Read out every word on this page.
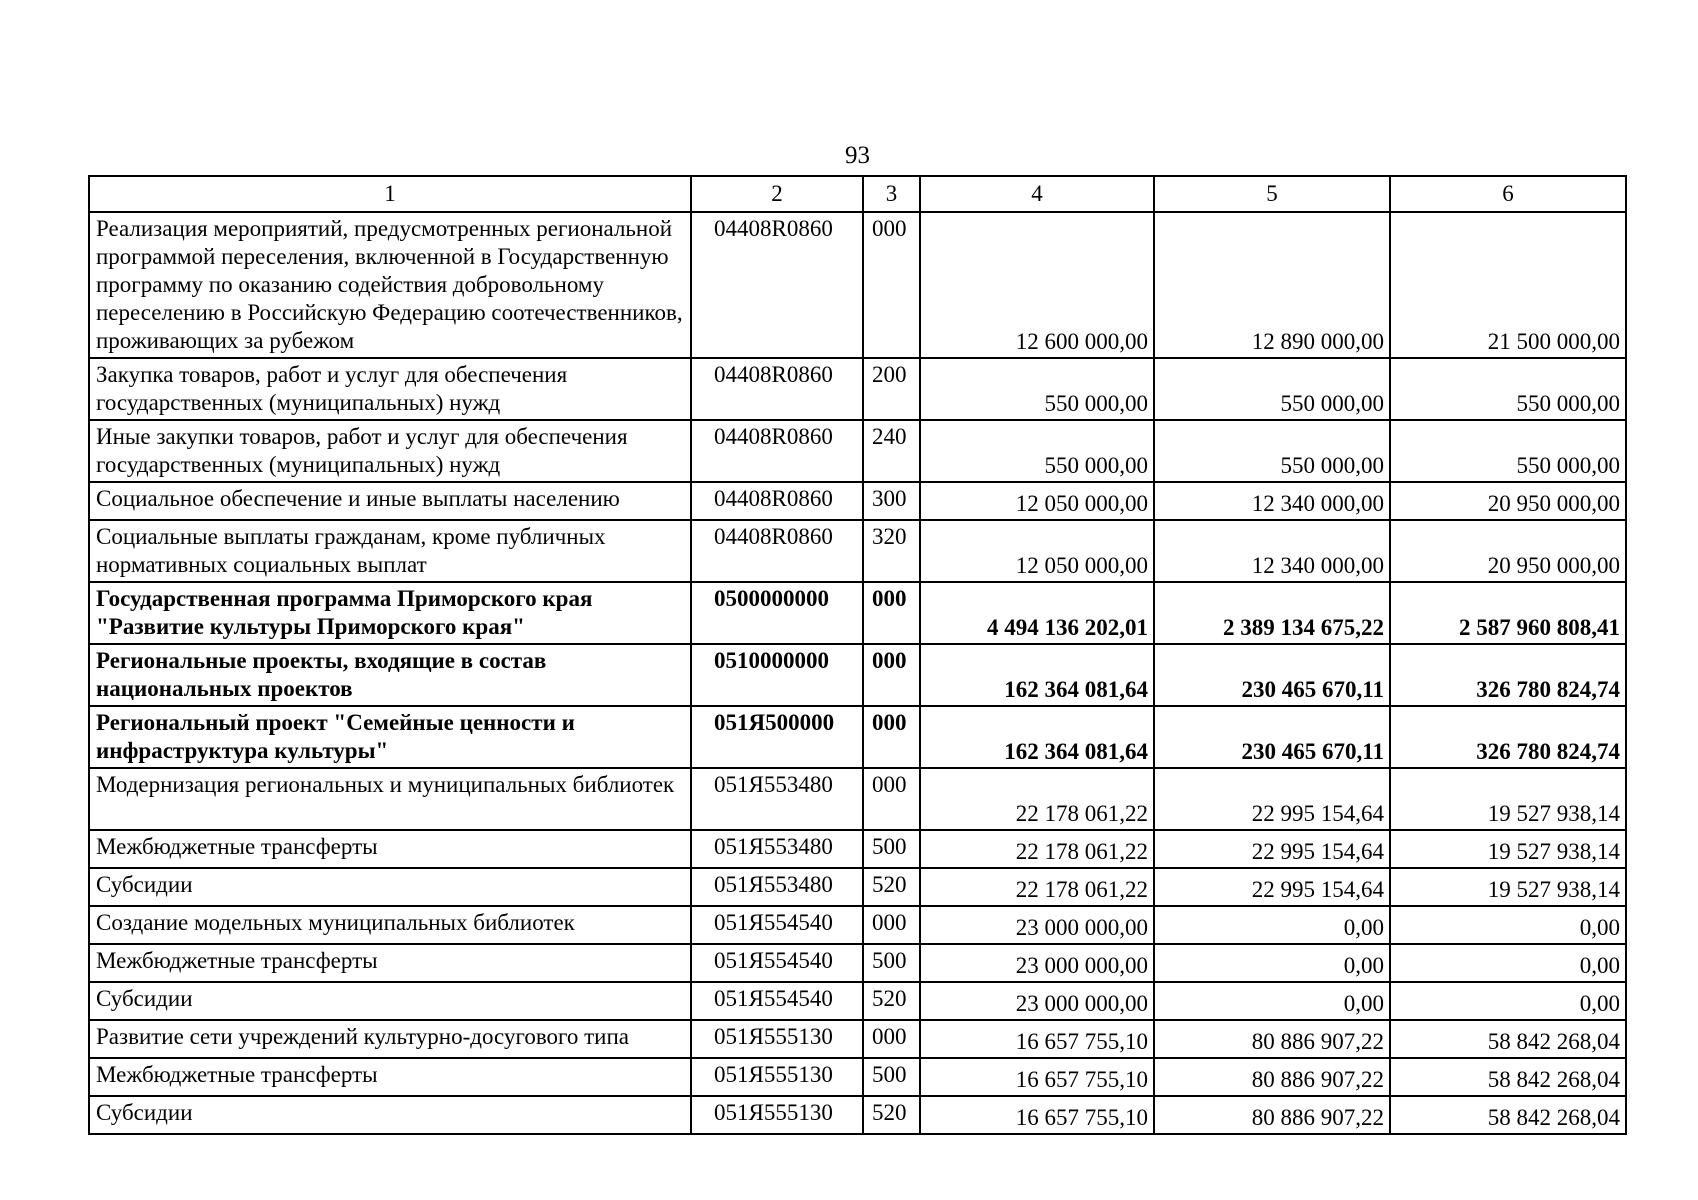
93
1	2	3	4	5	6
Реализация мероприятий, предусмотренных региональной программой переселения, включенной в Государственную программу по оказанию содействия добровольному переселению в Российскую Федерацию соотечественников, проживающих за рубежом	04408R0860	000	12 600 000,00	12 890 000,00	21 500 000,00
Закупка товаров, работ и услуг для обеспечения государственных (муниципальных) нужд	04408R0860	200	550 000,00	550 000,00	550 000,00
Иные закупки товаров, работ и услуг для обеспечения государственных (муниципальных) нужд	04408R0860	240	550 000,00	550 000,00	550 000,00
Социальное обеспечение и иные выплаты населению	04408R0860	300	12 050 000,00	12 340 000,00	20 950 000,00
Социальные выплаты гражданам, кроме публичных нормативных социальных выплат	04408R0860	320	12 050 000,00	12 340 000,00	20 950 000,00
Государственная программа Приморского края "Развитие культуры Приморского края"	0500000000	000	4 494 136 202,01	2 389 134 675,22	2 587 960 808,41
Региональные проекты, входящие в состав национальных проектов	0510000000	000	162 364 081,64	230 465 670,11	326 780 824,74
Региональный проект "Семейные ценности и инфраструктура культуры"	051Я500000	000	162 364 081,64	230 465 670,11	326 780 824,74
Модернизация региональных и муниципальных библиотек	051Я553480	000	22 178 061,22	22 995 154,64	19 527 938,14
Межбюджетные трансферты	051Я553480	500	22 178 061,22	22 995 154,64	19 527 938,14
Субсидии	051Я553480	520	22 178 061,22	22 995 154,64	19 527 938,14
Создание модельных муниципальных библиотек	051Я554540	000	23 000 000,00	0,00	0,00
Межбюджетные трансферты	051Я554540	500	23 000 000,00	0,00	0,00
Субсидии	051Я554540	520	23 000 000,00	0,00	0,00
Развитие сети учреждений культурно-досугового типа	051Я555130	000	16 657 755,10	80 886 907,22	58 842 268,04
Межбюджетные трансферты	051Я555130	500	16 657 755,10	80 886 907,22	58 842 268,04
Субсидии	051Я555130	520	16 657 755,10	80 886 907,22	58 842 268,04
